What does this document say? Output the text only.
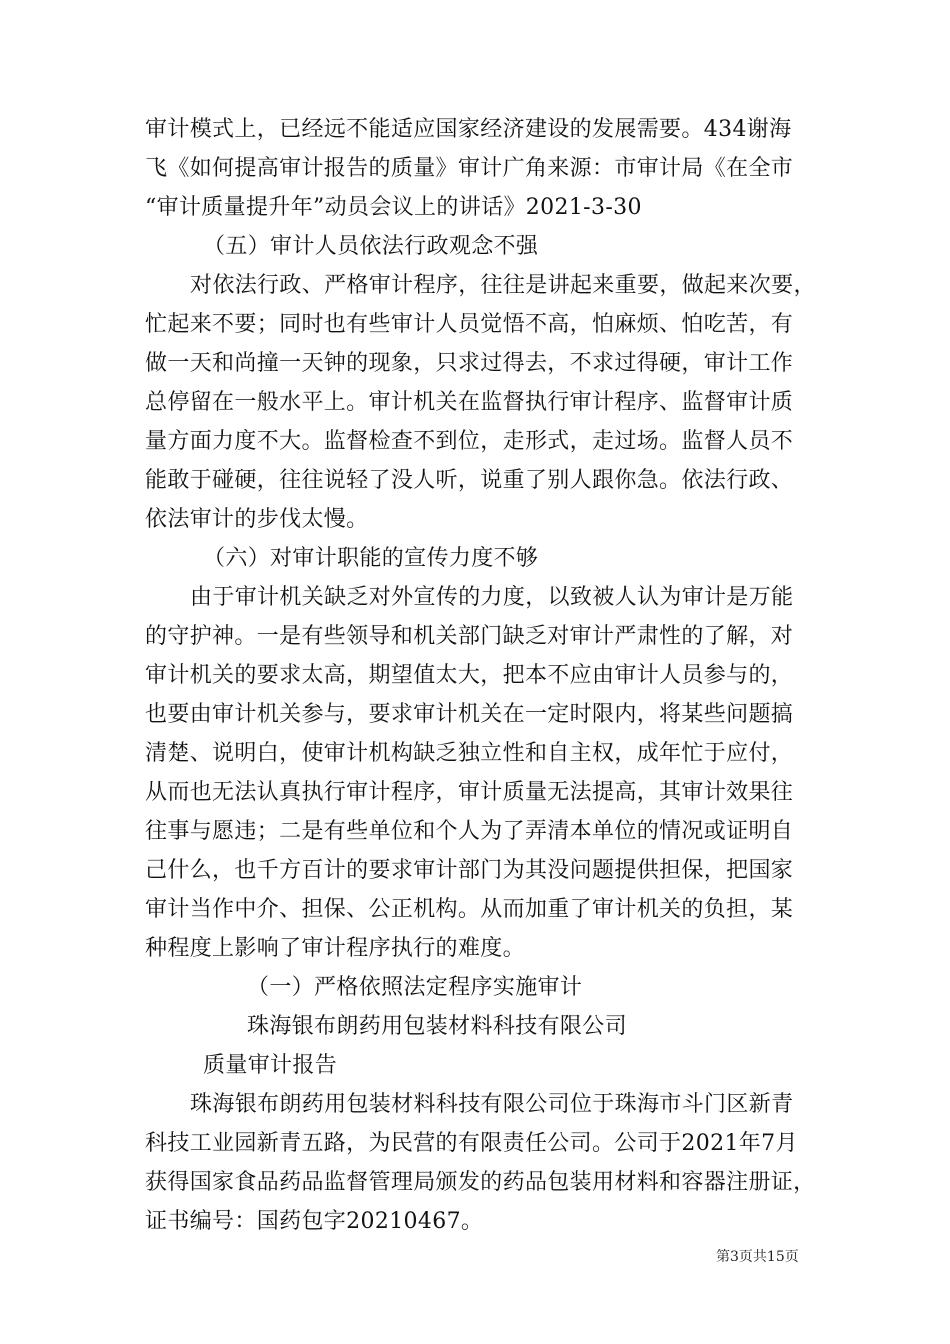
审计模式上，已经远不能适应国家经济建设的发展需要。434谢海
飞《如何提高审计报告的质量》审计广角来源：市审计局《在全市
“审计质量提升年”动员会议上的讲话》2021-3-30
（五）审计人员依法行政观念不强
对依法行政、严格审计程序，往往是讲起来重要，做起来次要，
忙起来不要；同时也有些审计人员觉悟不高，怕麻烦、怕吃苦，有
做一天和尚撞一天钟的现象，只求过得去，不求过得硬，审计工作
总停留在一般水平上。审计机关在监督执行审计程序、监督审计质
量方面力度不大。监督检查不到位，走形式，走过场。监督人员不
能敢于碰硬，往往说轻了没人听，说重了别人跟你急。依法行政、
依法审计的步伐太慢。
（六）对审计职能的宣传力度不够
由于审计机关缺乏对外宣传的力度，以致被人认为审计是万能
的守护神。一是有些领导和机关部门缺乏对审计严肃性的了解，对
审计机关的要求太高，期望值太大，把本不应由审计人员参与的，
也要由审计机关参与，要求审计机关在一定时限内，将某些问题搞
清楚、说明白，使审计机构缺乏独立性和自主权，成年忙于应付，
从而也无法认真执行审计程序，审计质量无法提高，其审计效果往
往事与愿违；二是有些单位和个人为了弄清本单位的情况或证明自
己什么，也千方百计的要求审计部门为其没问题提供担保，把国家
审计当作中介、担保、公正机构。从而加重了审计机关的负担，某
种程度上影响了审计程序执行的难度。
（一）严格依照法定程序实施审计
珠海银布朗药用包装材料科技有限公司
质量审计报告
珠海银布朗药用包装材料科技有限公司位于珠海市斗门区新青
科技工业园新青五路，为民营的有限责任公司。公司于2021年7月
获得国家食品药品监督管理局颁发的药品包装用材料和容器注册证，
证书编号：国药包字20210467。
第3页共15页
